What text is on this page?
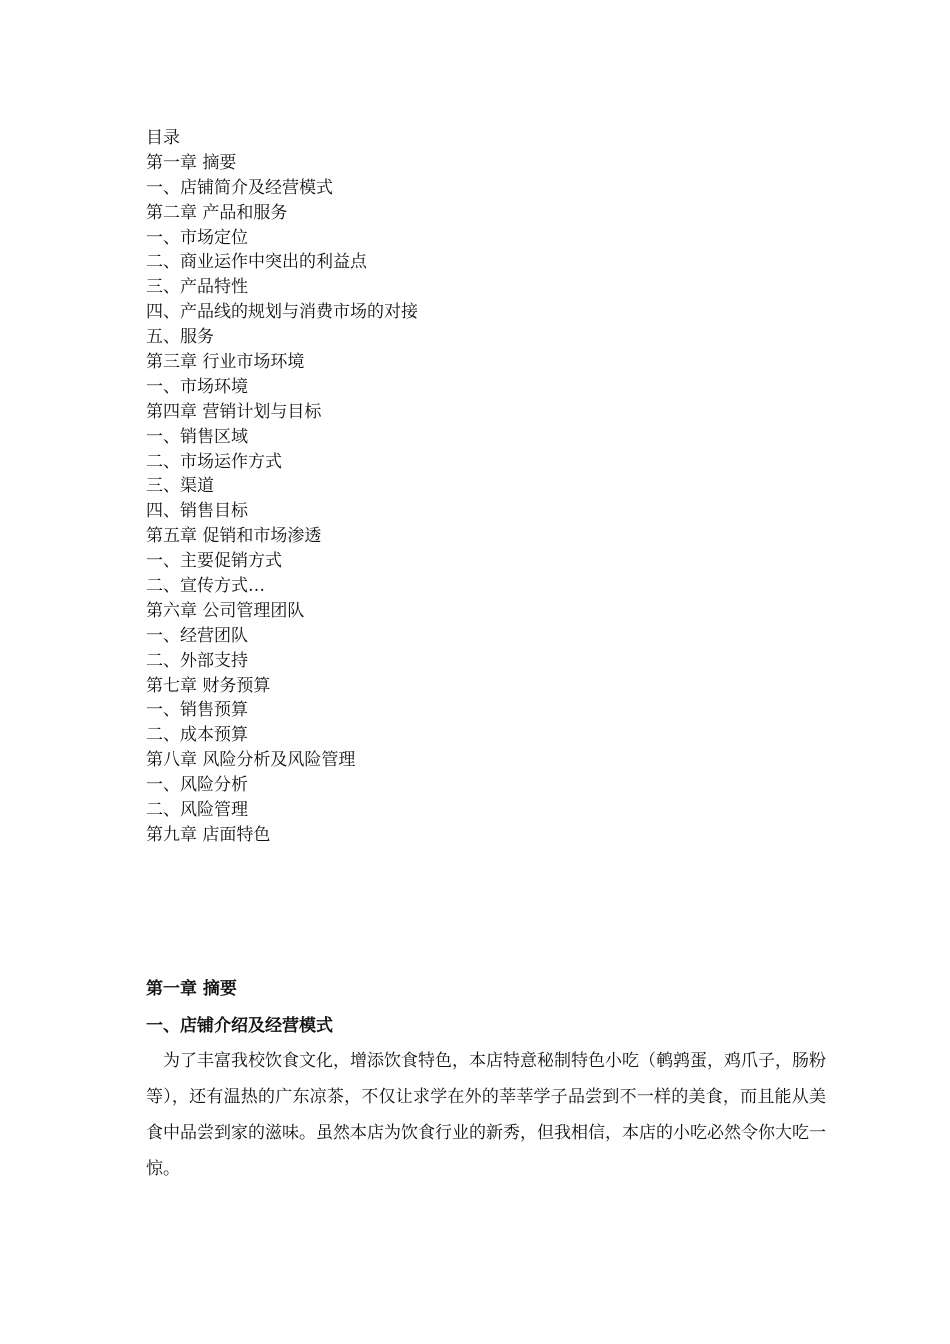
目录
第一章 摘要
一、店铺简介及经营模式
第二章 产品和服务
一、市场定位
二、商业运作中突出的利益点
三、产品特性
四、产品线的规划与消费市场的对接
五、服务
第三章 行业市场环境
一、市场环境
第四章 营销计划与目标
一、销售区域
二、市场运作方式
三、渠道
四、销售目标
第五章 促销和市场渗透
一、主要促销方式
二、宣传方式…
第六章 公司管理团队
一、经营团队
二、外部支持
第七章 财务预算
一、销售预算
二、成本预算
第八章 风险分析及风险管理
一、风险分析
二、风险管理
第九章 店面特色
第一章 摘要
一、店铺介绍及经营模式

为了丰富我校饮食文化，增添饮食特色，本店特意秘制特色小吃（鹌鹑蛋，鸡爪子，肠粉等），还有温热的广东凉茶，不仅让求学在外的莘莘学子品尝到不一样的美食，而且能从美食中品尝到家的滋味。虽然本店为饮食行业的新秀，但我相信，本店的小吃必然令你大吃一惊。
